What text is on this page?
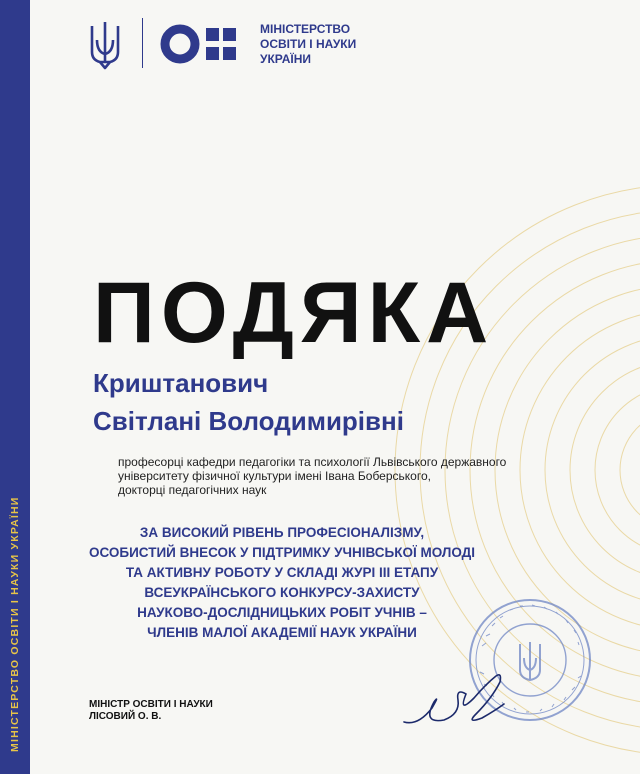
МІНІСТЕРСТВО ОСВІТИ І НАУКИ УКРАЇНИ
МІНІСТЕРСТВО
ОСВІТИ І НАУКИ
УКРАЇНИ
ПОДЯКА
Криштанович
Світлані Володимирівні
професорці кафедри педагогіки та психології Львівського державного
університету фізичної культури імені Івана Боберського,
докторці педагогічних наук
ЗА ВИСОКИЙ РІВЕНЬ ПРОФЕСІОНАЛІЗМУ,
ОСОБИСТИЙ ВНЕСОК У ПІДТРИМКУ УЧНІВСЬКОЇ МОЛОДІ
ТА АКТИВНУ РОБОТУ У СКЛАДІ ЖУРІ ІІІ ЕТАПУ
ВСЕУКРАЇНСЬКОГО КОНКУРСУ-ЗАХИСТУ
НАУКОВО-ДОСЛІДНИЦЬКИХ РОБІТ УЧНІВ –
ЧЛЕНІВ МАЛОЇ АКАДЕМІЇ НАУК УКРАЇНИ
МІНІСТР ОСВІТИ І НАУКИ
ЛІСОВИЙ О. В.
